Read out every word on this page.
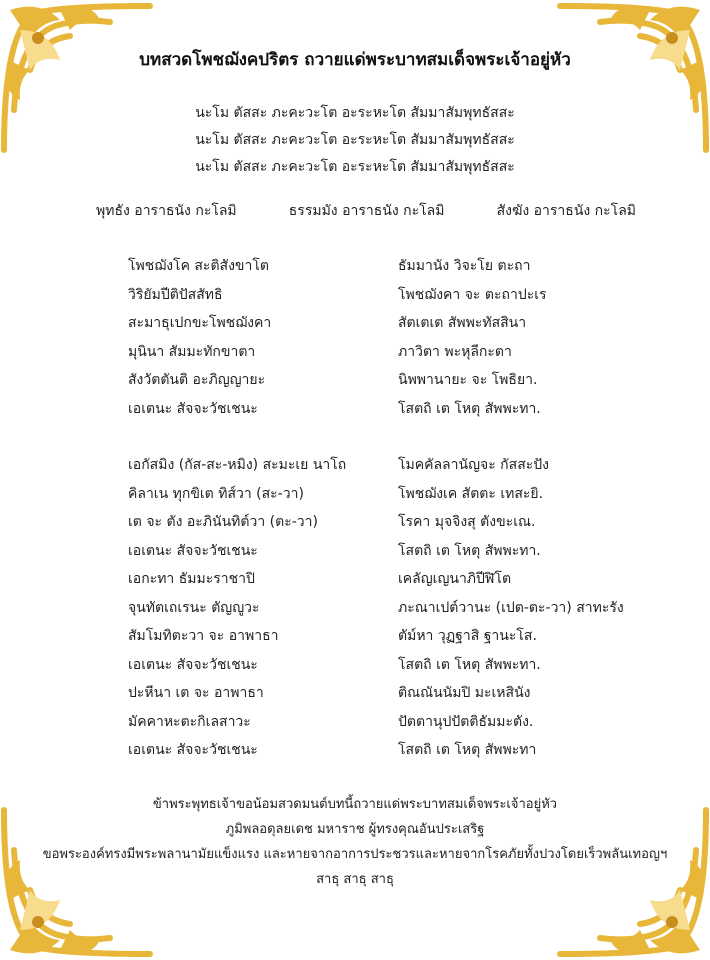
บทสวดโพชฌังคปริตร ถวายแด่พระบาทสมเด็จพระเจ้าอยู่หัว
นะโม ตัสสะ ภะคะวะโต อะระหะโต สัมมาสัมพุทธัสสะ
นะโม ตัสสะ ภะคะวะโต อะระหะโต สัมมาสัมพุทธัสสะ
นะโม ตัสสะ ภะคะวะโต อะระหะโต สัมมาสัมพุทธัสสะ
พุทธัง อาราธนัง กะโลมิ	ธรรมมัง อาราธนัง กะโลมิ	สังฆัง อาราธนัง กะโลมิ
โพชฌังโค สะติสังขาโต	ธัมมานัง วิจะโย ตะถา
วิริยัมปีติปัสสัทธิ	โพชฌังคา จะ ตะถาปะเร
สะมาธุเปกขะโพชฌังคา	สัตเตเต สัพพะทัสสินา
มุนินา สัมมะทักขาตา	ภาวิตา พะหุลีกะตา
สังวัตตันติ อะภิญญายะ	นิพพานายะ จะ โพธิยา.
เอเตนะ สัจจะวัชเชนะ	โสตถิ เต โหตุ สัพพะทา.
เอกัสมิง (กัส-สะ-หมิง) สะมะเย นาโถ	โมคคัลลานัญจะ กัสสะปัง
คิลาเน ทุกขิเต ทิส์วา (สะ-วา)	โพชฌังเค สัตตะ เทสะยิ.
เต จะ ตัง อะภินันทิต์วา (ตะ-วา)	โรคา มุจจิงสุ ตังขะเณ.
เอเตนะ สัจจะวัชเชนะ	โสตถิ เต โหตุ สัพพะทา.
เอกะทา ธัมมะราชาปิ	เคลัญเญนาภิปีฬิโต
จุนทัตเถเรนะ ตัญญูวะ	ภะณาเปต์วานะ (เปต-ตะ-วา) สาทะรัง
สัมโมทิตะวา จะ อาพาธา	ตัม์หา วุฏฐาสิ ฐานะโส.
เอเตนะ สัจจะวัชเชนะ	โสตถิ เต โหตุ สัพพะทา.
ปะหีนา เต จะ อาพาธา	ติณณันนัมปิ มะเหสินัง
มัคคาหะตะกิเลสาวะ	ปัตตานุปปัตติธัมมะตัง.
เอเตนะ สัจจะวัชเชนะ	โสตถิ เต โหตุ สัพพะทา
ข้าพระพุทธเจ้าขอน้อมสวดมนต์บทนี้ถวายแด่พระบาทสมเด็จพระเจ้าอยู่หัว
ภูมิพลอดุลยเดช มหาราช ผู้ทรงคุณอันประเสริฐ
ขอพระองค์ทรงมีพระพลานามัยแข็งแรง และหายจากอาการประชวรและหายจากโรคภัยทั้งปวงโดยเร็วพลันเทอญฯ
สาธุ สาธุ สาธุ
